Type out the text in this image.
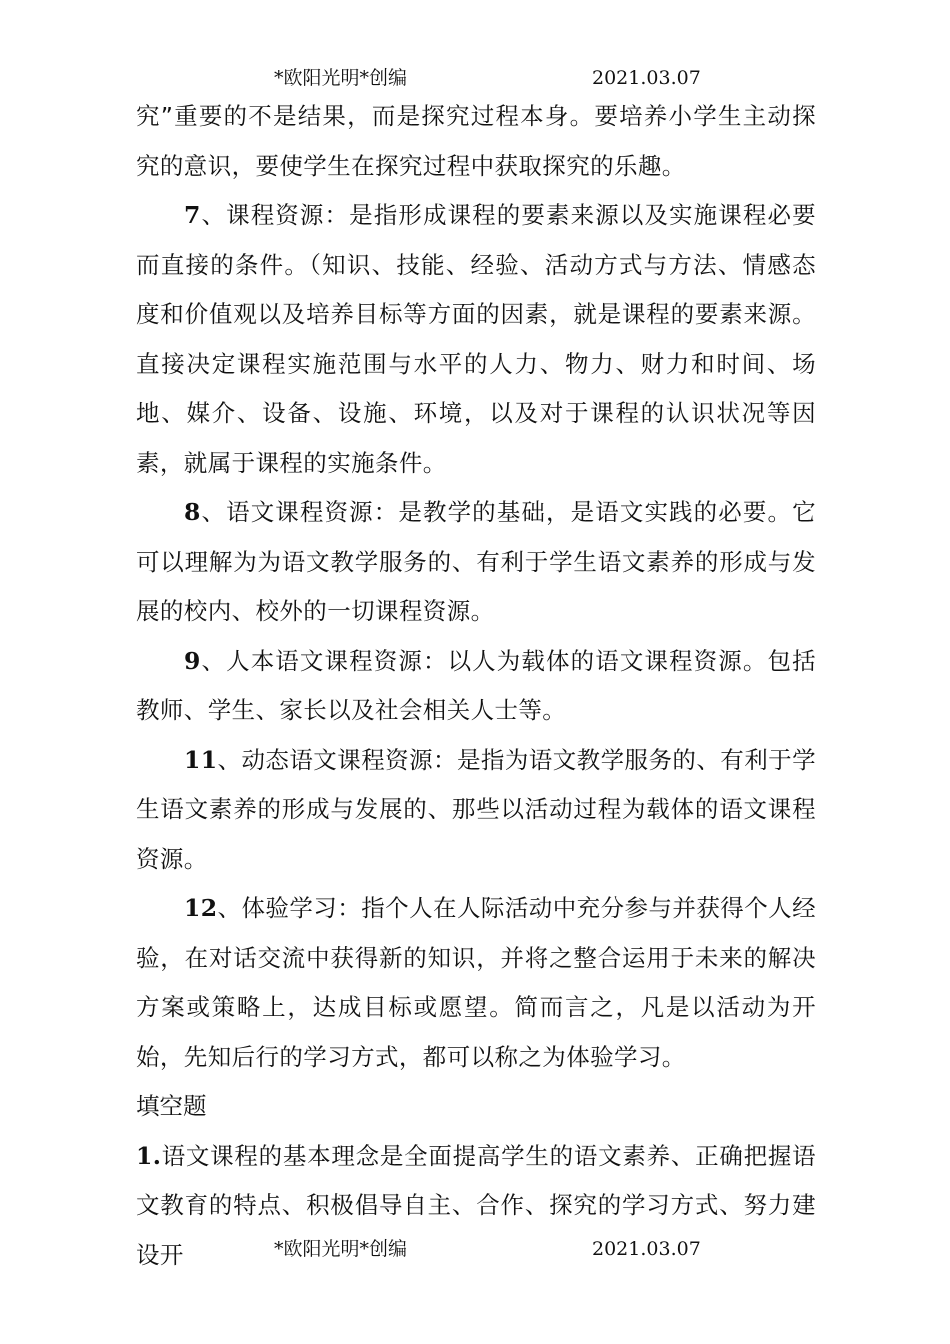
*欧阳光明*创编	2021.03.07

究”重要的不是结果，而是探究过程本身。要培养小学生主动探究的意识，要使学生在探究过程中获取探究的乐趣。

7、课程资源：是指形成课程的要素来源以及实施课程必要而直接的条件。（知识、技能、经验、活动方式与方法、情感态度和价值观以及培养目标等方面的因素，就是课程的要素来源。直接决定课程实施范围与水平的人力、物力、财力和时间、场地、媒介、设备、设施、环境，以及对于课程的认识状况等因素，就属于课程的实施条件。

8、语文课程资源：是教学的基础，是语文实践的必要。它可以理解为为语文教学服务的、有利于学生语文素养的形成与发展的校内、校外的一切课程资源。

9、人本语文课程资源：以人为载体的语文课程资源。包括教师、学生、家长以及社会相关人士等。

11、动态语文课程资源：是指为语文教学服务的、有利于学生语文素养的形成与发展的、那些以活动过程为载体的语文课程资源。

12、体验学习：指个人在人际活动中充分参与并获得个人经验，在对话交流中获得新的知识，并将之整合运用于未来的解决方案或策略上，达成目标或愿望。简而言之，凡是以活动为开始，先知后行的学习方式，都可以称之为体验学习。

填空题

1.语文课程的基本理念是全面提高学生的语文素养、正确把握语文教育的特点、积极倡导自主、合作、探究的学习方式、努力建设开	*欧阳光明*创编	2021.03.07
